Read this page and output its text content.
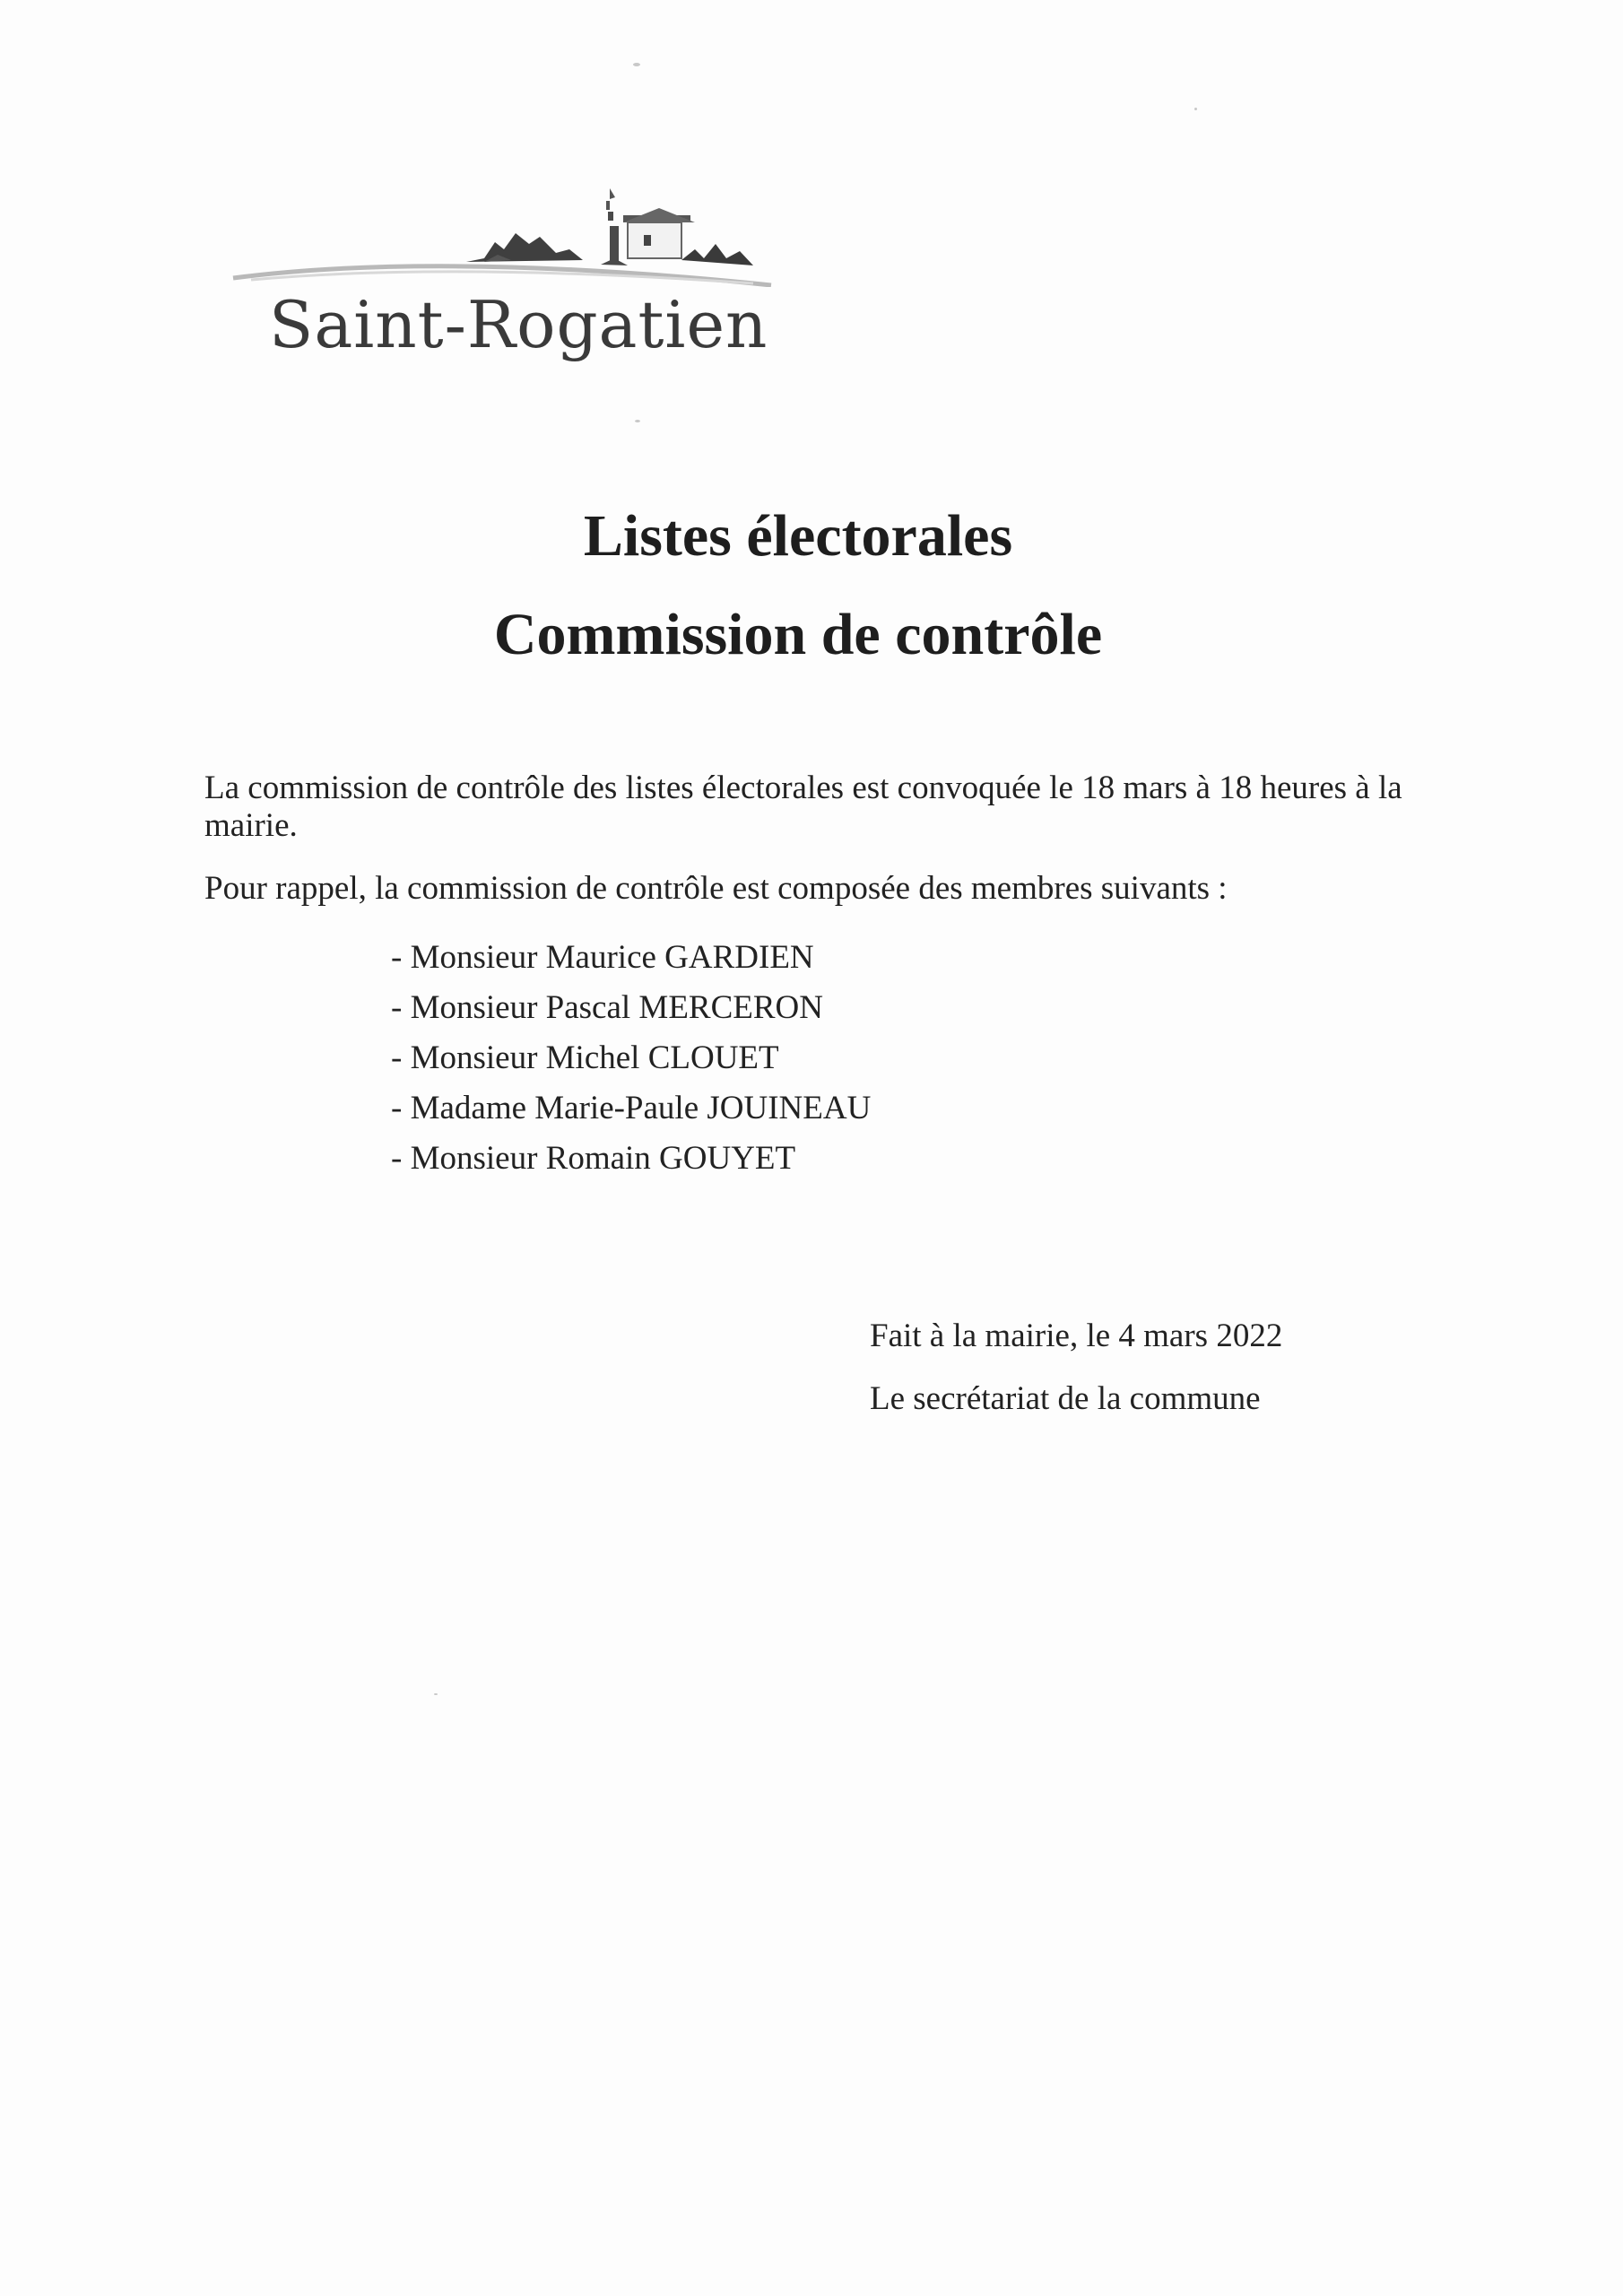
Saint-Rogatien
Listes électorales
Commission de contrôle
La commission de contrôle des listes électorales est convoquée le 18 mars à 18 heures à la mairie.
Pour rappel, la commission de contrôle est composée des membres suivants :
- Monsieur Maurice GARDIEN
- Monsieur Pascal MERCERON
- Monsieur Michel CLOUET
- Madame Marie-Paule JOUINEAU
- Monsieur Romain GOUYET
Fait à la mairie, le 4 mars 2022
Le secrétariat de la commune
